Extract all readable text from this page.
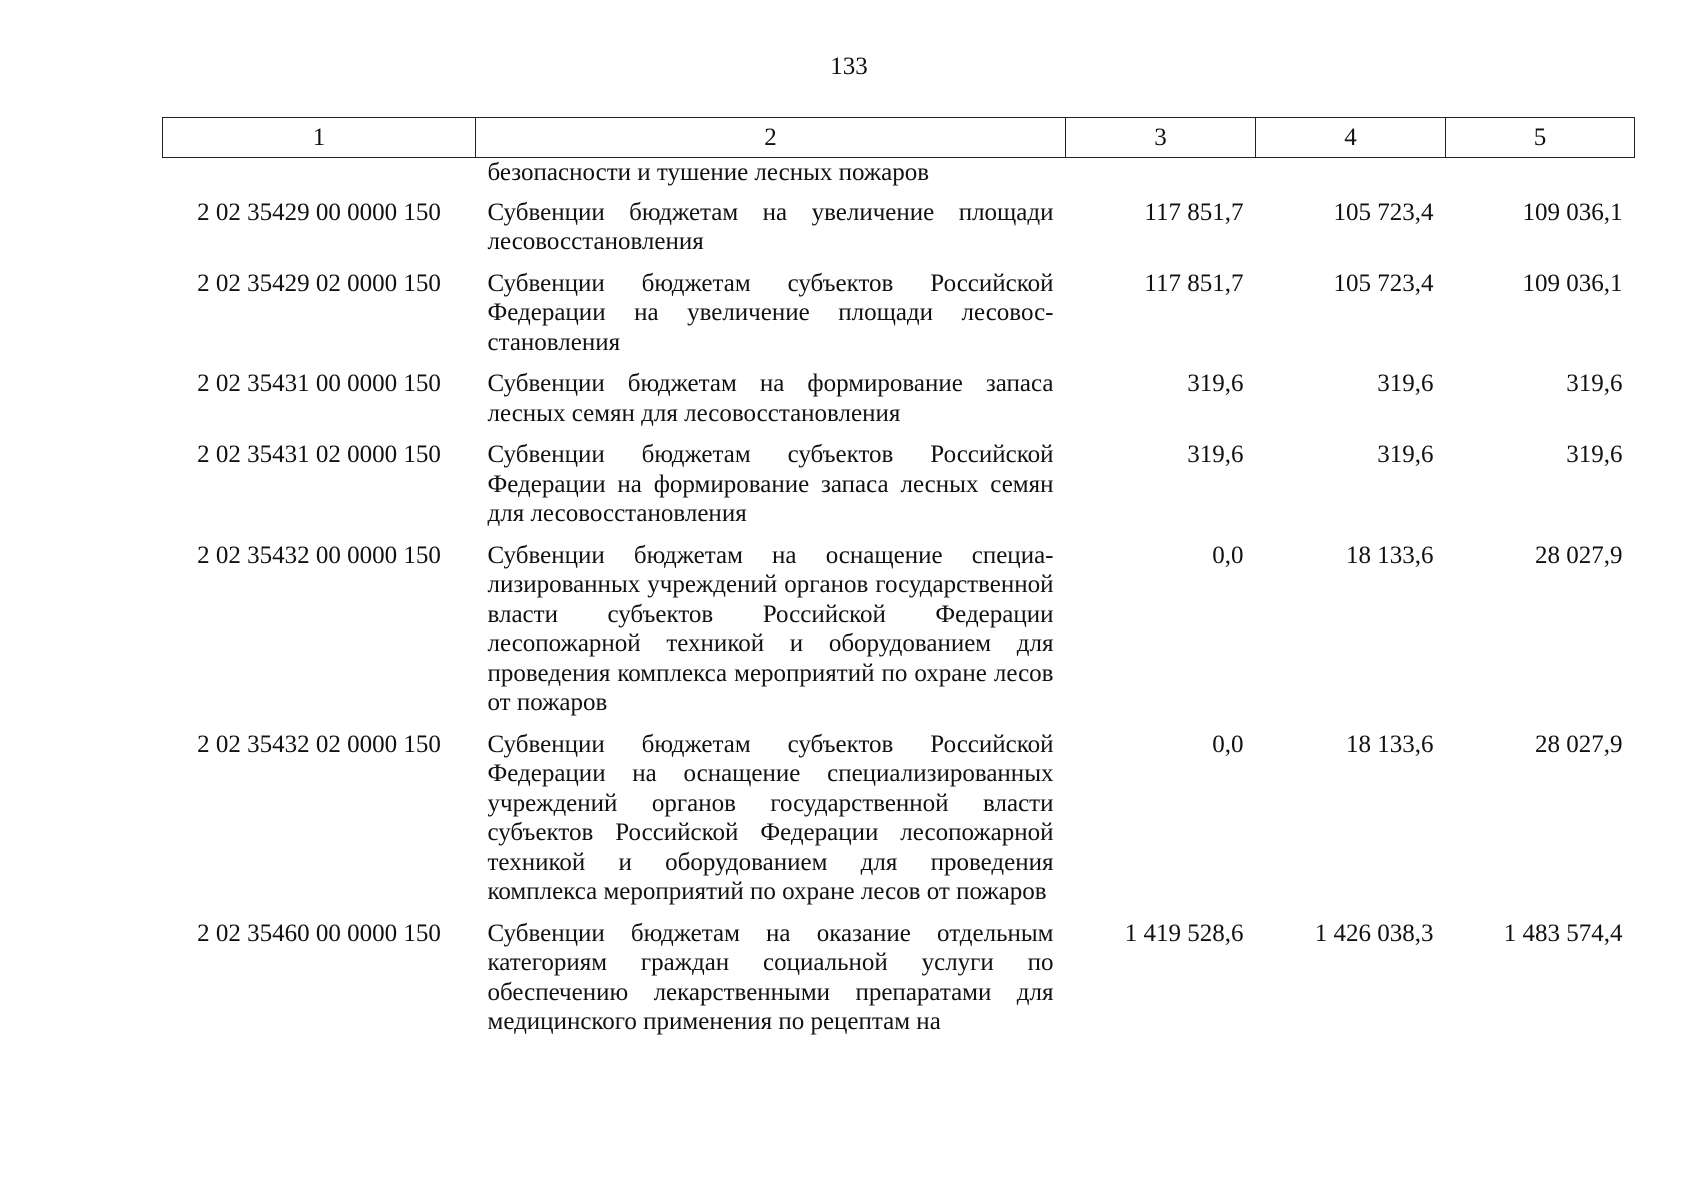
133
1	2	3	4	5
	безопасности и тушение лесных пожаров			
2 02 35429 00 0000 150	Субвенции бюджетам на увеличение площади лесовосстановления	117 851,7	105 723,4	109 036,1
2 02 35429 02 0000 150	Субвенции бюджетам субъектов Российской Федерации на увеличение площади лесовосстановления	117 851,7	105 723,4	109 036,1
2 02 35431 00 0000 150	Субвенции бюджетам на формирование запаса лесных семян для лесовосстановления	319,6	319,6	319,6
2 02 35431 02 0000 150	Субвенции бюджетам субъектов Российской Федерации на формирование запаса лесных семян для лесовосстановления	319,6	319,6	319,6
2 02 35432 00 0000 150	Субвенции бюджетам на оснащение специализированных учреждений органов государственной власти субъектов Российской Федерации лесопожарной техникой и оборудованием для проведения комплекса мероприятий по охране лесов от пожаров	0,0	18 133,6	28 027,9
2 02 35432 02 0000 150	Субвенции бюджетам субъектов Российской Федерации на оснащение специализированных учреждений органов государственной власти субъектов Российской Федерации лесопожарной техникой и оборудованием для проведения комплекса мероприятий по охране лесов от пожаров	0,0	18 133,6	28 027,9
2 02 35460 00 0000 150	Субвенции бюджетам на оказание отдельным категориям граждан социальной услуги по обеспечению лекарственными препаратами для медицинского применения по рецептам на	1 419 528,6	1 426 038,3	1 483 574,4
